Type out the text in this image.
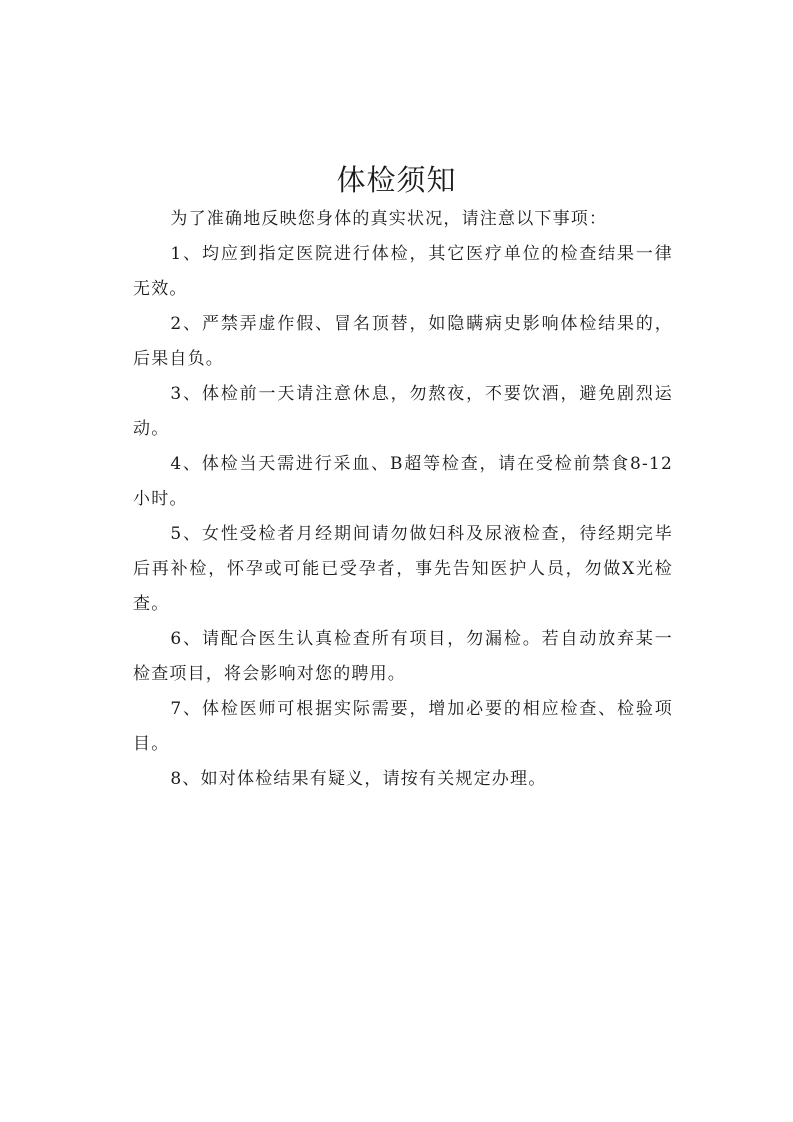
体检须知

为了准确地反映您身体的真实状况，请注意以下事项：

1、均应到指定医院进行体检，其它医疗单位的检查结果一律无效。

2、严禁弄虚作假、冒名顶替，如隐瞒病史影响体检结果的，后果自负。

3、体检前一天请注意休息，勿熬夜，不要饮酒，避免剧烈运动。

4、体检当天需进行采血、B超等检查，请在受检前禁食8-12小时。

5、女性受检者月经期间请勿做妇科及尿液检查，待经期完毕后再补检，怀孕或可能已受孕者，事先告知医护人员，勿做X光检查。

6、请配合医生认真检查所有项目，勿漏检。若自动放弃某一检查项目，将会影响对您的聘用。

7、体检医师可根据实际需要，增加必要的相应检查、检验项目。

8、如对体检结果有疑义，请按有关规定办理。
